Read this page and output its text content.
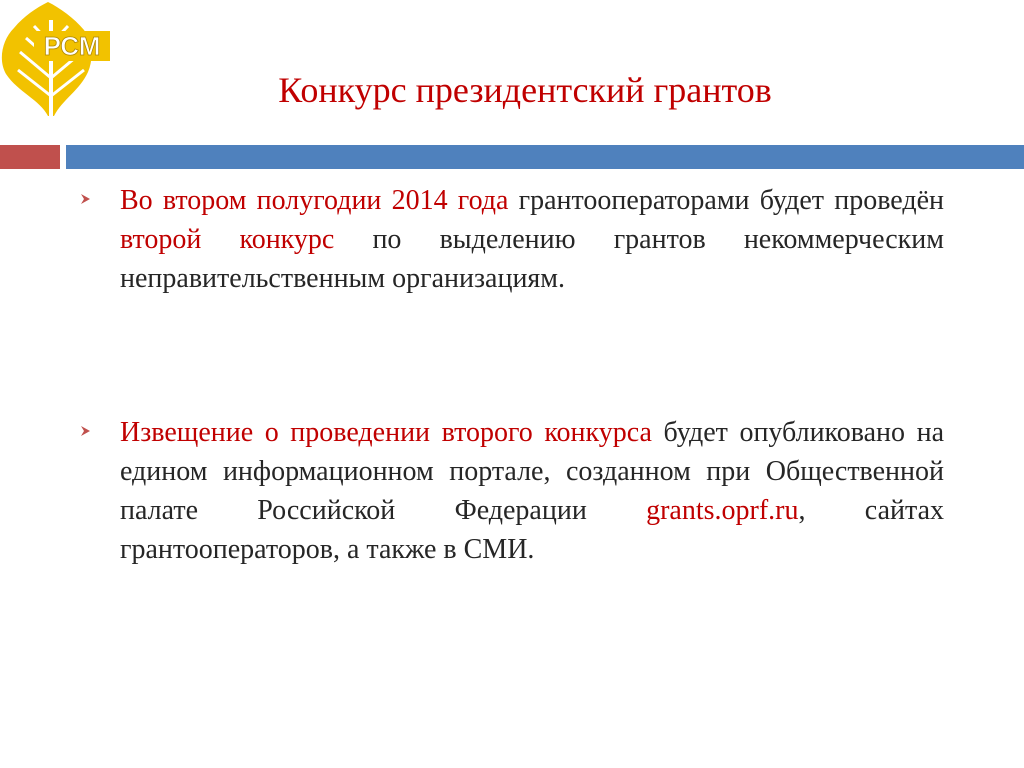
РСМ
Конкурс президентский грантов

Во втором полугодии 2014 года грантооператорами будет проведён второй конкурс по выделению грантов некоммерческим неправительственным организациям.

Извещение о проведении второго конкурса будет опубликовано на едином информационном портале, созданном при Общественной палате Российской Федерации grants.oprf.ru, сайтах грантооператоров, а также в СМИ.
